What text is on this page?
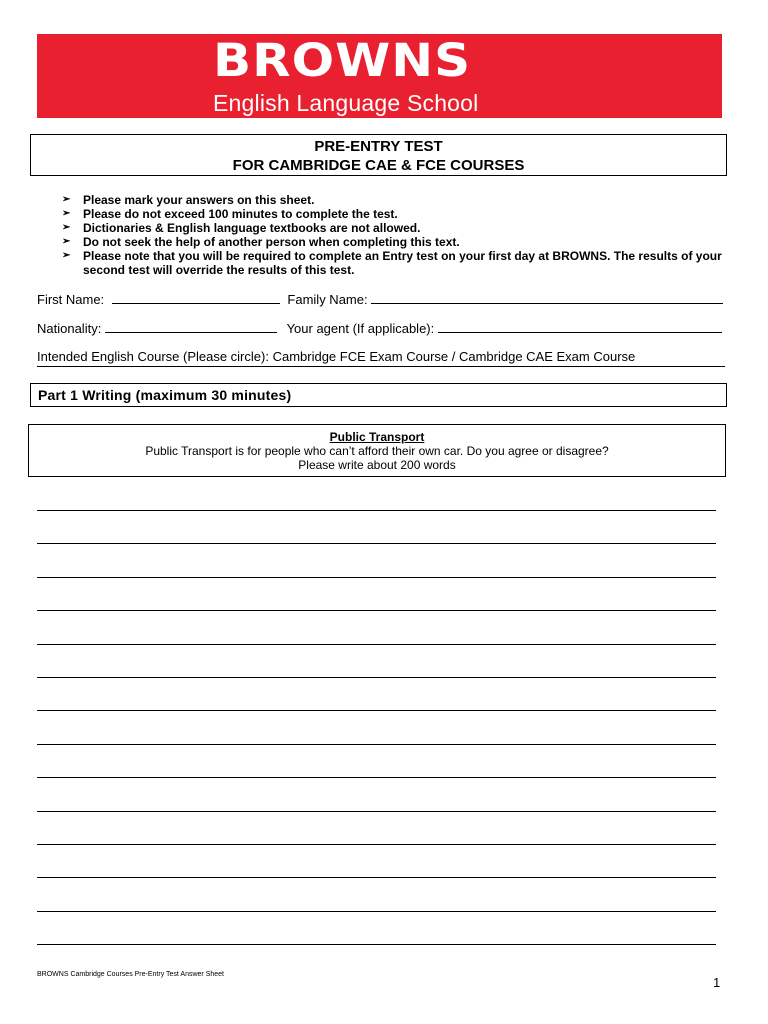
BROWNS
English Language School
PRE-ENTRY TEST
FOR CAMBRIDGE CAE & FCE COURSES
➢ Please mark your answers on this sheet.
➢ Please do not exceed 100 minutes to complete the test.
➢ Dictionaries & English language textbooks are not allowed.
➢ Do not seek the help of another person when completing this text.
➢ Please note that you will be required to complete an Entry test on your first day at BROWNS. The results of your second test will override the results of this test.
First Name:	Family Name:
Nationality:	Your agent (If applicable):
Intended English Course (Please circle): Cambridge FCE Exam Course / Cambridge CAE Exam Course
Part 1 Writing (maximum 30 minutes)
Public Transport
Public Transport is for people who can’t afford their own car. Do you agree or disagree?
Please write about 200 words
BROWNS Cambridge Courses Pre-Entry Test Answer Sheet
1
